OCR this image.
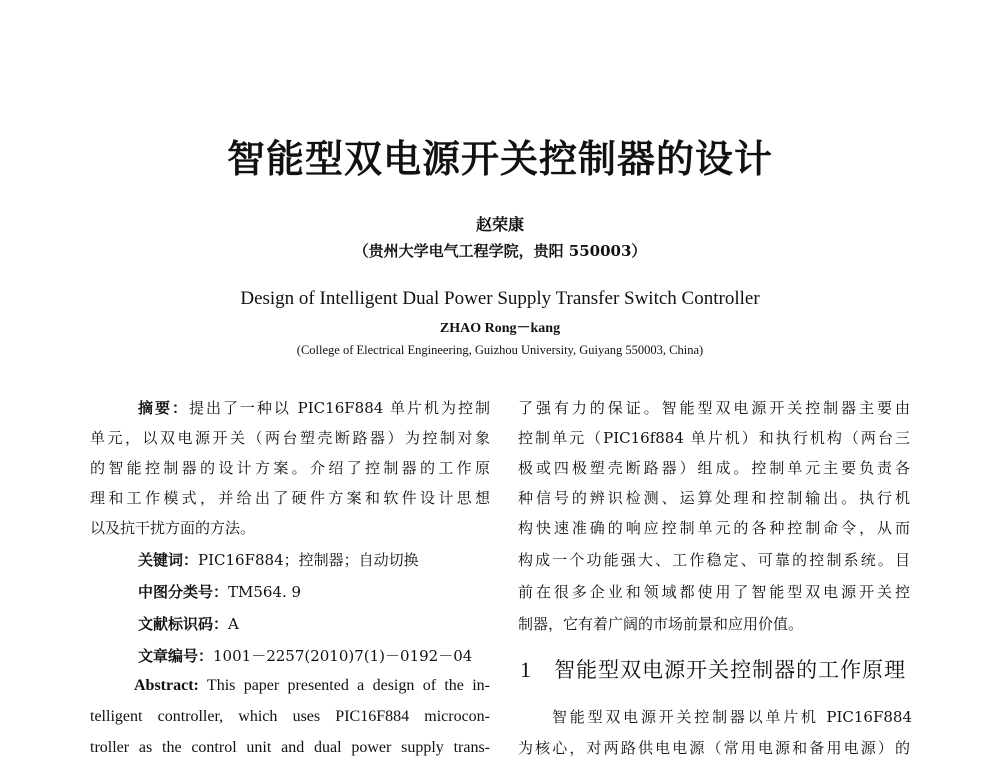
智能型双电源开关控制器的设计
赵荣康
（贵州大学电气工程学院，贵阳 550003）
Design of Intelligent Dual Power Supply Transfer Switch Controller
ZHAO Rong－kang
(College of Electrical Engineering, Guizhou University, Guiyang 550003, China)
摘要：提出了一种以 PIC16F884 单片机为控制
单元，以双电源开关（两台塑壳断路器）为控制对象
的智能控制器的设计方案。介绍了控制器的工作原
理和工作模式，并给出了硬件方案和软件设计思想
以及抗干扰方面的方法。
关键词：PIC16F884；控制器；自动切换
中图分类号：TM564. 9
文献标识码：A
文章编号：1001－2257(2010)7(1)－0192－04
Abstract: This paper presented a design of the in-
telligent controller, which uses PIC16F884 microcon-
troller as the control unit and dual power supply trans-
了强有力的保证。智能型双电源开关控制器主要由
控制单元（PIC16f884 单片机）和执行机构（两台三
极或四极塑壳断路器）组成。控制单元主要负责各
种信号的辨识检测、运算处理和控制输出。执行机
构快速准确的响应控制单元的各种控制命令，从而
构成一个功能强大、工作稳定、可靠的控制系统。目
前在很多企业和领域都使用了智能型双电源开关控
制器，它有着广阔的市场前景和应用价值。
1 智能型双电源开关控制器的工作原理
智能型双电源开关控制器以单片机 PIC16F884
为核心，对两路供电电源（常用电源和备用电源）的
